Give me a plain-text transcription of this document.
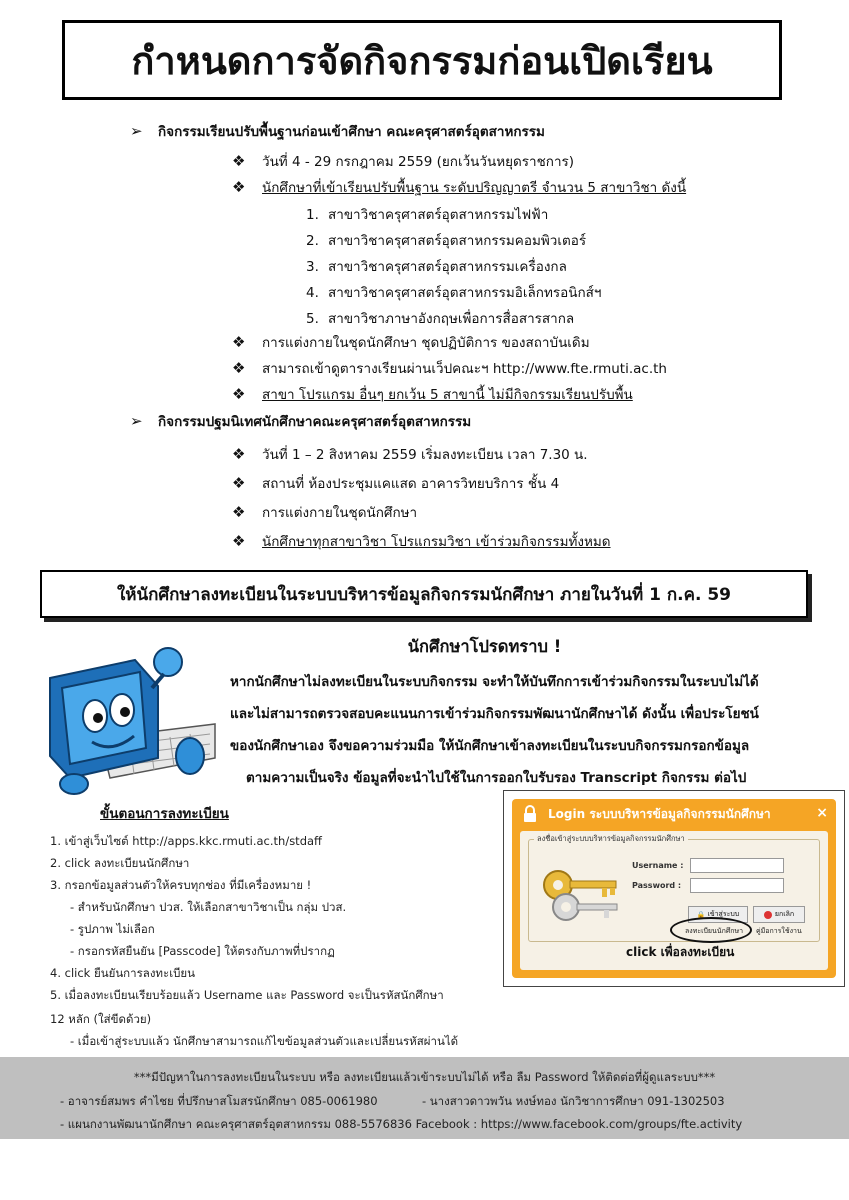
กำหนดการจัดกิจกรรมก่อนเปิดเรียน
➢ กิจกรรมเรียนปรับพื้นฐานก่อนเข้าศึกษา คณะครุศาสตร์อุตสาหกรรม
❖ วันที่ 4 - 29 กรกฎาคม 2559 (ยกเว้นวันหยุดราชการ)
❖ นักศึกษาที่เข้าเรียนปรับพื้นฐาน ระดับปริญญาตรี จำนวน 5 สาขาวิชา ดังนี้
1. สาขาวิชาครุศาสตร์อุตสาหกรรมไฟฟ้า
2. สาขาวิชาครุศาสตร์อุตสาหกรรมคอมพิวเตอร์
3. สาขาวิชาครุศาสตร์อุตสาหกรรมเครื่องกล
4. สาขาวิชาครุศาสตร์อุตสาหกรรมอิเล็กทรอนิกส์ฯ
5. สาขาวิชาภาษาอังกฤษเพื่อการสื่อสารสากล
❖ การแต่งกายในชุดนักศึกษา ชุดปฏิบัติการ ของสถาบันเดิม
❖ สามารถเข้าดูตารางเรียนผ่านเว็ปคณะฯ http://www.fte.rmuti.ac.th
❖ สาขา โปรแกรม อื่นๆ ยกเว้น 5 สาขานี้ ไม่มีกิจกรรมเรียนปรับพื้น
➢ กิจกรรมปฐมนิเทศนักศึกษาคณะครุศาสตร์อุตสาหกรรม
❖ วันที่ 1 – 2 สิงหาคม 2559 เริ่มลงทะเบียน เวลา 7.30 น.
❖ สถานที่ ห้องประชุมแคแสด อาคารวิทยบริการ ชั้น 4
❖ การแต่งกายในชุดนักศึกษา
❖ นักศึกษาทุกสาขาวิชา โปรแกรมวิชา เข้าร่วมกิจกรรมทั้งหมด
ให้นักศึกษาลงทะเบียนในระบบบริหารข้อมูลกิจกรรมนักศึกษา ภายในวันที่ 1 ก.ค. 59
นักศึกษาโปรดทราบ !
หากนักศึกษาไม่ลงทะเบียนในระบบกิจกรรม จะทำให้บันทึกการเข้าร่วมกิจกรรมในระบบไม่ได้
และไม่สามารถตรวจสอบคะแนนการเข้าร่วมกิจกรรมพัฒนานักศึกษาได้ ดังนั้น เพื่อประโยชน์
ของนักศึกษาเอง จึงขอความร่วมมือ ให้นักศึกษาเข้าลงทะเบียนในระบบกิจกรรมกรอกข้อมูล
ตามความเป็นจริง ข้อมูลที่จะนำไปใช้ในการออกใบรับรอง Transcript กิจกรรม ต่อไป
ขั้นตอนการลงทะเบียน
1. เข้าสู่เว็บไซต์ http://apps.kkc.rmuti.ac.th/stdaff
2. click ลงทะเบียนนักศึกษา
3. กรอกข้อมูลส่วนตัวให้ครบทุกช่อง ที่มีเครื่องหมาย !
- สำหรับนักศึกษา ปวส. ให้เลือกสาขาวิชาเป็น กลุ่ม ปวส.
- รูปภาพ ไม่เลือก
- กรอกรหัสยืนยัน [Passcode] ให้ตรงกับภาพที่ปรากฏ
4. click ยืนยันการลงทะเบียน
5. เมื่อลงทะเบียนเรียบร้อยแล้ว Username และ Password จะเป็นรหัสนักศึกษา
12 หลัก (ใส่ขีดด้วย)
- เมื่อเข้าสู่ระบบแล้ว นักศึกษาสามารถแก้ไขข้อมูลส่วนตัวและเปลี่ยนรหัสผ่านได้
Login ระบบบริหารข้อมูลกิจกรรมนักศึกษา	×
ลงชื่อเข้าสู่ระบบบริหารข้อมูลกิจกรรมนักศึกษา
Username :
Password :
🔒 เข้าสู่ระบบ	ยกเลิก
ลงทะเบียนนักศึกษา คู่มือการใช้งาน
click เพื่อลงทะเบียน
***มีปัญหาในการลงทะเบียนในระบบ หรือ ลงทะเบียนแล้วเข้าระบบไม่ได้ หรือ ลืม Password ให้ติดต่อที่ผู้ดูแลระบบ***
- อาจารย์สมพร คำไชย ที่ปรึกษาสโมสรนักศึกษา 085-0061980	- นางสาวดาวพวัน หงษ์ทอง นักวิชาการศึกษา 091-1302503
- แผนกงานพัฒนานักศึกษา คณะครุศาสตร์อุตสาหกรรม 088-5576836 Facebook : https://www.facebook.com/groups/fte.activity
